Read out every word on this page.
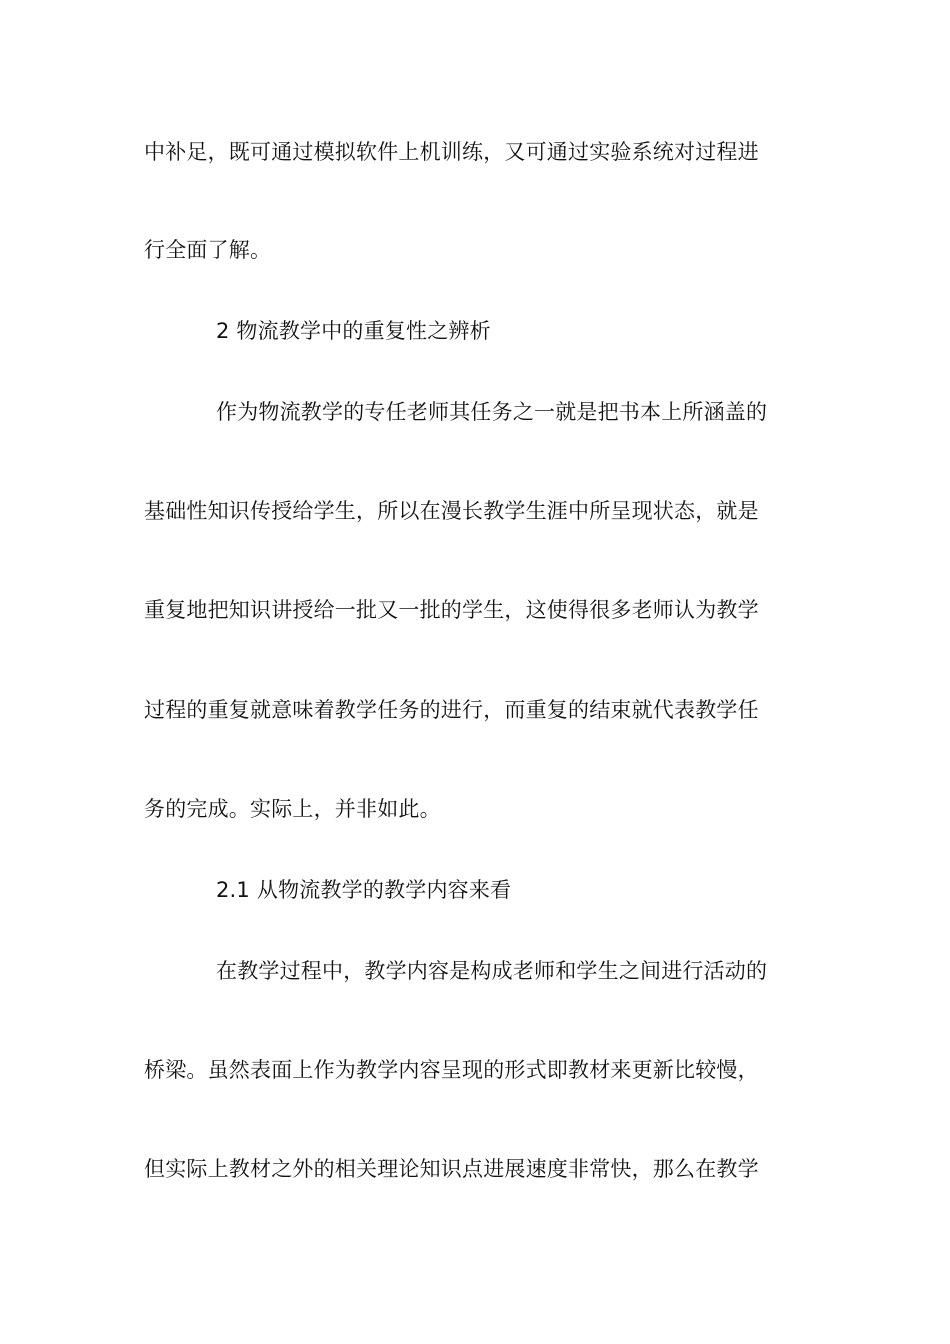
中补足，既可通过模拟软件上机训练，又可通过实验系统对过程进
行全面了解。
2 物流教学中的重复性之辨析
作为物流教学的专任老师其任务之一就是把书本上所涵盖的
基础性知识传授给学生，所以在漫长教学生涯中所呈现状态，就是
重复地把知识讲授给一批又一批的学生，这使得很多老师认为教学
过程的重复就意味着教学任务的进行，而重复的结束就代表教学任
务的完成。实际上，并非如此。
2.1 从物流教学的教学内容来看
在教学过程中，教学内容是构成老师和学生之间进行活动的
桥梁。虽然表面上作为教学内容呈现的形式即教材来更新比较慢，
但实际上教材之外的相关理论知识点进展速度非常快，那么在教学
